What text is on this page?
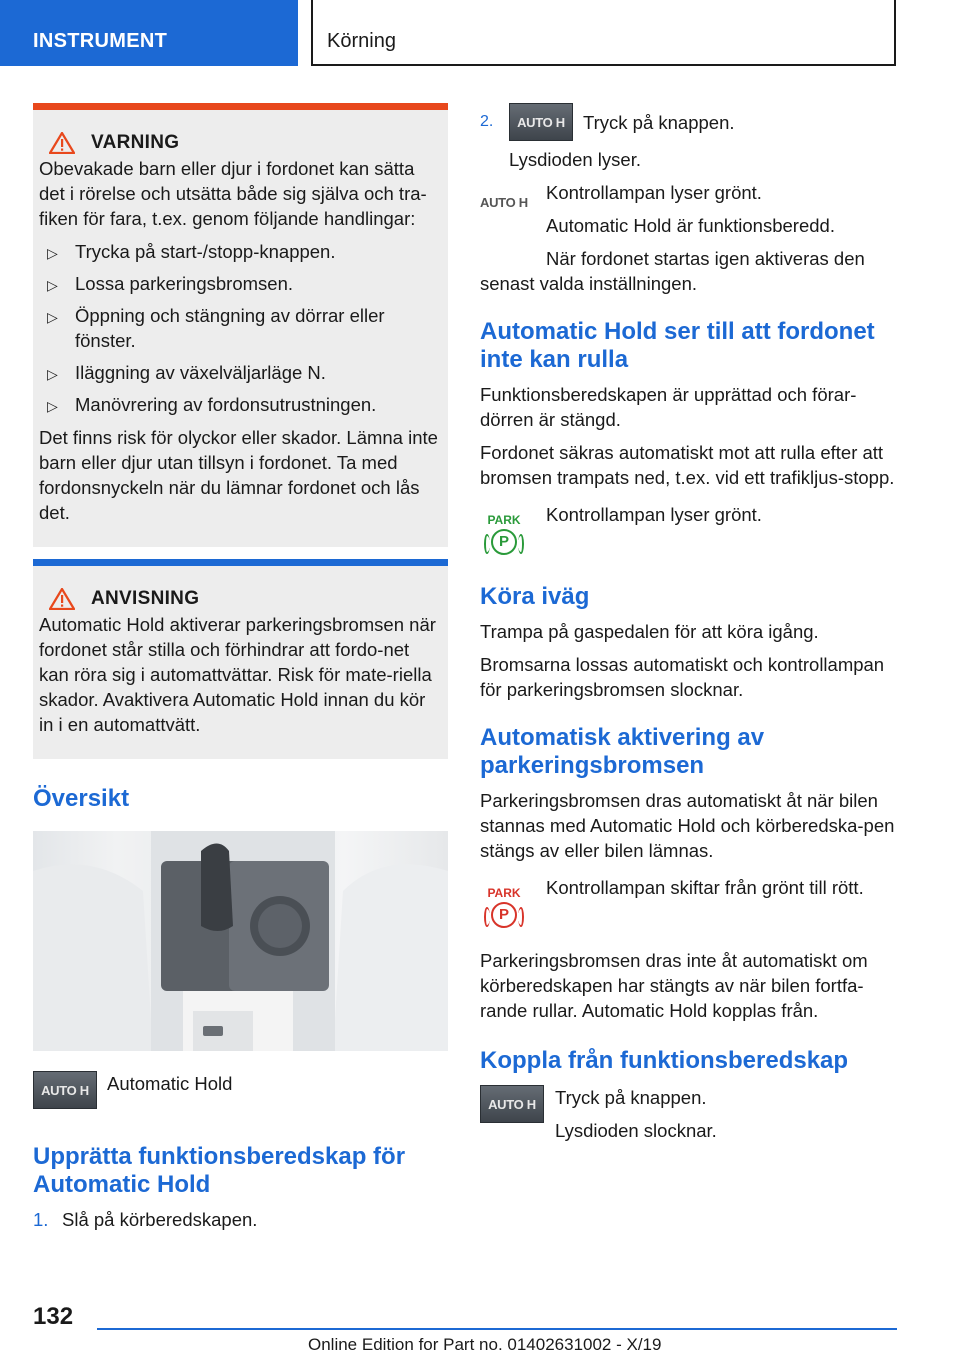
INSTRUMENT	Körning
VARNING
Obevakade barn eller djur i fordonet kan sätta det i rörelse och utsätta både sig själva och tra-fiken för fara, t.ex. genom följande handlingar:
▷ Trycka på start-/stopp-knappen.
▷ Lossa parkeringsbromsen.
▷ Öppning och stängning av dörrar eller fönster.
▷ Iläggning av växelväljarläge N.
▷ Manövrering av fordonsutrustningen.
Det finns risk för olyckor eller skador. Lämna inte barn eller djur utan tillsyn i fordonet. Ta med fordonsnyckeln när du lämnar fordonet och lås det.
ANVISNING
Automatic Hold aktiverar parkeringsbromsen när fordonet står stilla och förhindrar att fordo-net kan röra sig i automattvättar. Risk för mate-riella skador. Avaktivera Automatic Hold innan du kör in i en automattvätt.
Översikt
AUTO H Automatic Hold
Upprätta funktionsberedskap för Automatic Hold
1. Slå på körberedskapen.
2.	AUTO H Tryck på knappen.
Lysdioden lyser.
AUTO H Kontrollampan lyser grönt.
Automatic Hold är funktionsberedd.
När fordonet startas igen aktiveras den senast valda inställningen.
Automatic Hold ser till att fordonet inte kan rulla
Funktionsberedskapen är upprättad och förar-dörren är stängd.
Fordonet säkras automatiskt mot att rulla efter att bromsen trampats ned, t.ex. vid ett trafikljus-stopp.
PARK
P
Kontrollampan lyser grönt.
Köra iväg
Trampa på gaspedalen för att köra igång.
Bromsarna lossas automatiskt och kontrollampan för parkeringsbromsen slocknar.
Automatisk aktivering av parkeringsbromsen
Parkeringsbromsen dras automatiskt åt när bilen stannas med Automatic Hold och körberedska-pen stängs av eller bilen lämnas.
PARK
P
Kontrollampan skiftar från grönt till rött.
Parkeringsbromsen dras inte åt automatiskt om körberedskapen har stängts av när bilen fortfa-rande rullar. Automatic Hold kopplas från.
Koppla från funktionsberedskap
AUTO H	Tryck på knappen.
Lysdioden slocknar.
132
Online Edition for Part no. 01402631002 - X/19
